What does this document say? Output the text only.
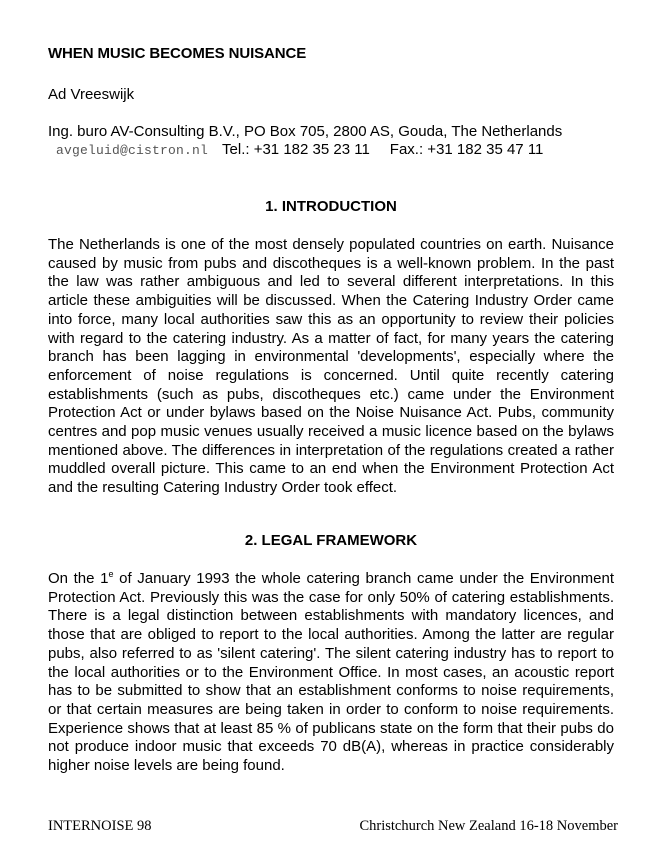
WHEN MUSIC BECOMES NUISANCE
Ad Vreeswijk
Ing. buro AV-Consulting B.V., PO Box 705, 2800 AS, Gouda, The Netherlands
avgeluid@cistron.nl Tel.: +31 182 35 23 11 Fax.: +31 182 35 47 11
1. INTRODUCTION
The Netherlands is one of the most densely populated countries on earth. Nuisance caused by music from pubs and discotheques is a well-known problem. In the past the law was rather ambiguous and led to several different interpretations. In this article these ambiguities will be discussed. When the Catering Industry Order came into force, many local authorities saw this as an opportunity to review their policies with regard to the catering industry. As a matter of fact, for many years the catering branch has been lagging in environmental 'developments', especially where the enforcement of noise regulations is concerned. Until quite recently catering establishments (such as pubs, discotheques etc.) came under the Environment Protection Act or under bylaws based on the Noise Nuisance Act. Pubs, community centres and pop music venues usually received a music licence based on the bylaws mentioned above. The differences in interpretation of the regulations created a rather muddled overall picture. This came to an end when the Environment Protection Act and the resulting Catering Industry Order took effect.
2. LEGAL FRAMEWORK
On the 1e of January 1993 the whole catering branch came under the Environment Protection Act. Previously this was the case for only 50% of catering establishments. There is a legal distinction between establishments with mandatory licences, and those that are obliged to report to the local authorities. Among the latter are regular pubs, also referred to as 'silent catering'. The silent catering industry has to report to the local authorities or to the Environment Office. In most cases, an acoustic report has to be submitted to show that an establishment conforms to noise requirements, or that certain measures are being taken in order to conform to noise requirements. Experience shows that at least 85 % of publicans state on the form that their pubs do not produce indoor music that exceeds 70 dB(A), whereas in practice considerably higher noise levels are being found.
INTERNOISE 98	Christchurch New Zealand 16-18 November
